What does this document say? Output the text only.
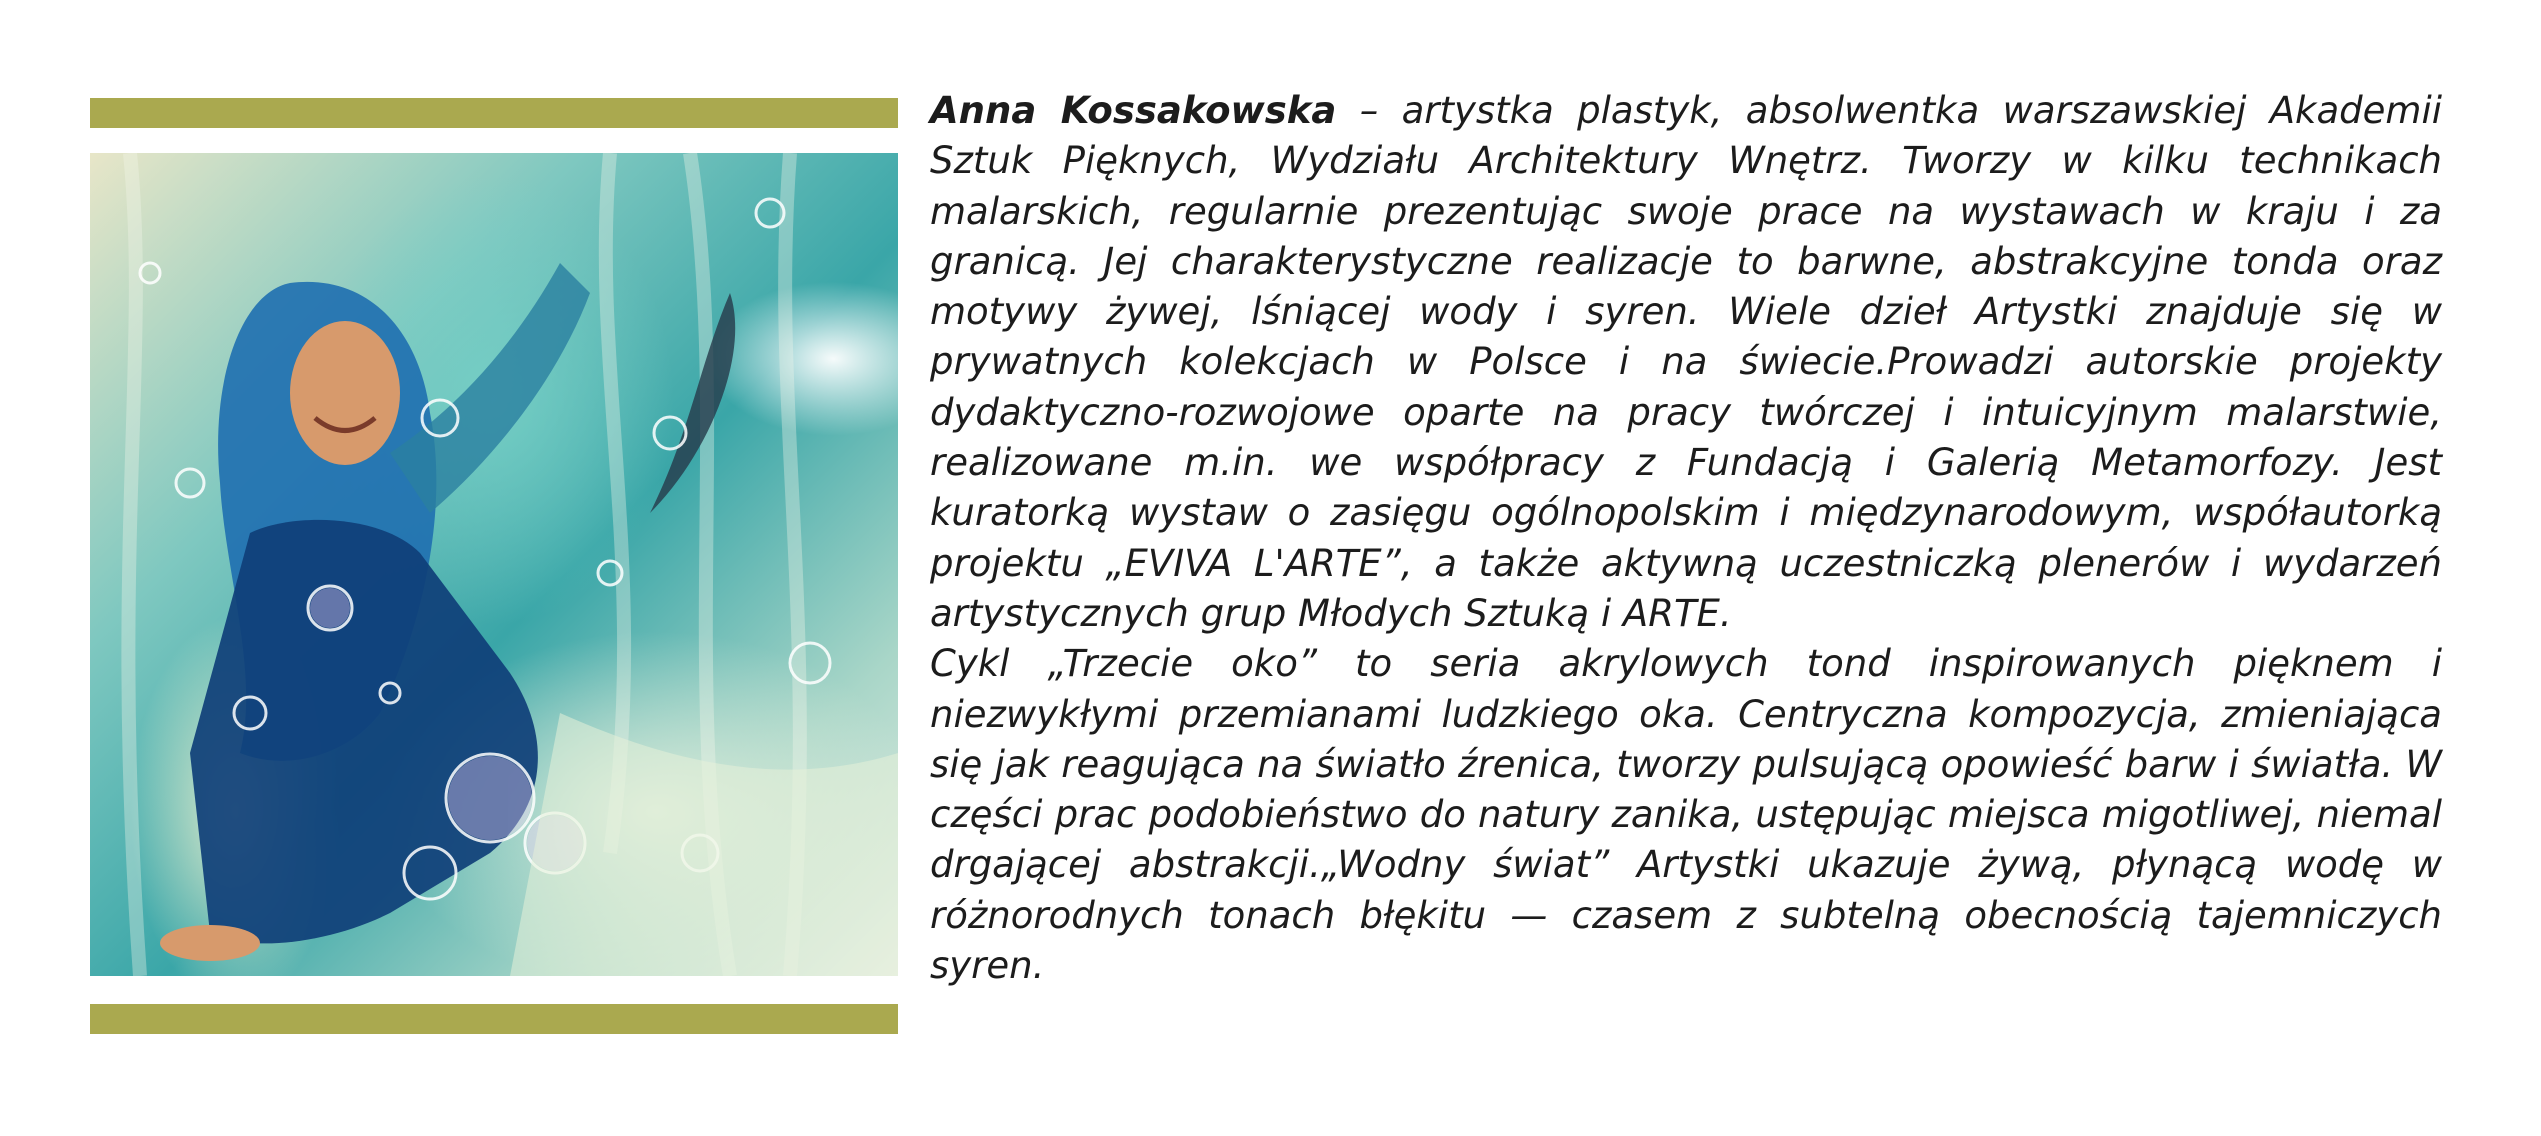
Anna Kossakowska – artystka plastyk, absolwentka warszawskiej Akademii Sztuk Pięknych, Wydziału Architektury Wnętrz. Tworzy w kilku technikach malarskich, regularnie prezentując swoje prace na wystawach w kraju i za granicą. Jej charakterystyczne realizacje to barwne, abstrakcyjne tonda oraz motywy żywej, lśniącej wody i syren. Wiele dzieł Artystki znajduje się w prywatnych kolekcjach w Polsce i na świecie.Prowadzi autorskie projekty dydaktyczno-rozwojowe oparte na pracy twórczej i intuicyjnym malarstwie, realizowane m.in. we współpracy z Fundacją i Galerią Metamorfozy. Jest kuratorką wystaw o zasięgu ogólnopolskim i międzynarodowym, współautorką projektu „EVIVA L'ARTE”, a także aktywną uczestniczką plenerów i wydarzeń artystycznych grup Młodych Sztuką i ARTE.

Cykl „Trzecie oko” to seria akrylowych tond inspirowanych pięknem i niezwykłymi przemianami ludzkiego oka. Centryczna kompozycja, zmieniająca się jak reagująca na światło źrenica, tworzy pulsującą opowieść barw i światła. W części prac podobieństwo do natury zanika, ustępując miejsca migotliwej, niemal drgającej abstrakcji.„Wodny świat” Artystki ukazuje żywą, płynącą wodę w różnorodnych tonach błękitu — czasem z subtelną obecnością tajemniczych syren.
